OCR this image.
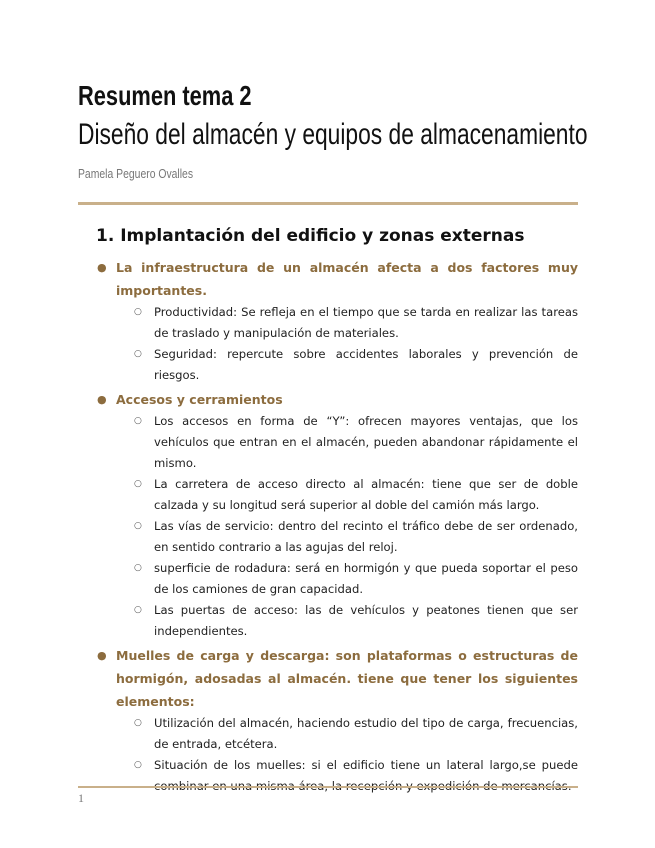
Resumen tema 2
Diseño del almacén y equipos de almacenamiento

Pamela Peguero Ovalles

1. Implantación del edificio y zonas externas

● La infraestructura de un almacén afecta a dos factores muy importantes.

○ Productividad: Se refleja en el tiempo que se tarda en realizar las tareas de traslado y manipulación de materiales.

○ Seguridad: repercute sobre accidentes laborales y prevención de riesgos.

● Accesos y cerramientos

○ Los accesos en forma de “Y”: ofrecen mayores ventajas, que los vehículos que entran en el almacén, pueden abandonar rápidamente el mismo.

○ La carretera de acceso directo al almacén: tiene que ser de doble calzada y su longitud será superior al doble del camión más largo.

○ Las vías de servicio: dentro del recinto el tráfico debe de ser ordenado, en sentido contrario a las agujas del reloj.

○ superficie de rodadura: será en hormigón y que pueda soportar el peso de los camiones de gran capacidad.

○ Las puertas de acceso: las de vehículos y peatones tienen que ser independientes.

● Muelles de carga y descarga: son plataformas o estructuras de hormigón, adosadas al almacén. tiene que tener los siguientes elementos:

○ Utilización del almacén, haciendo estudio del tipo de carga, frecuencias, de entrada, etcétera.

○ Situación de los muelles: si el edificio tiene un lateral largo,se puede

1
